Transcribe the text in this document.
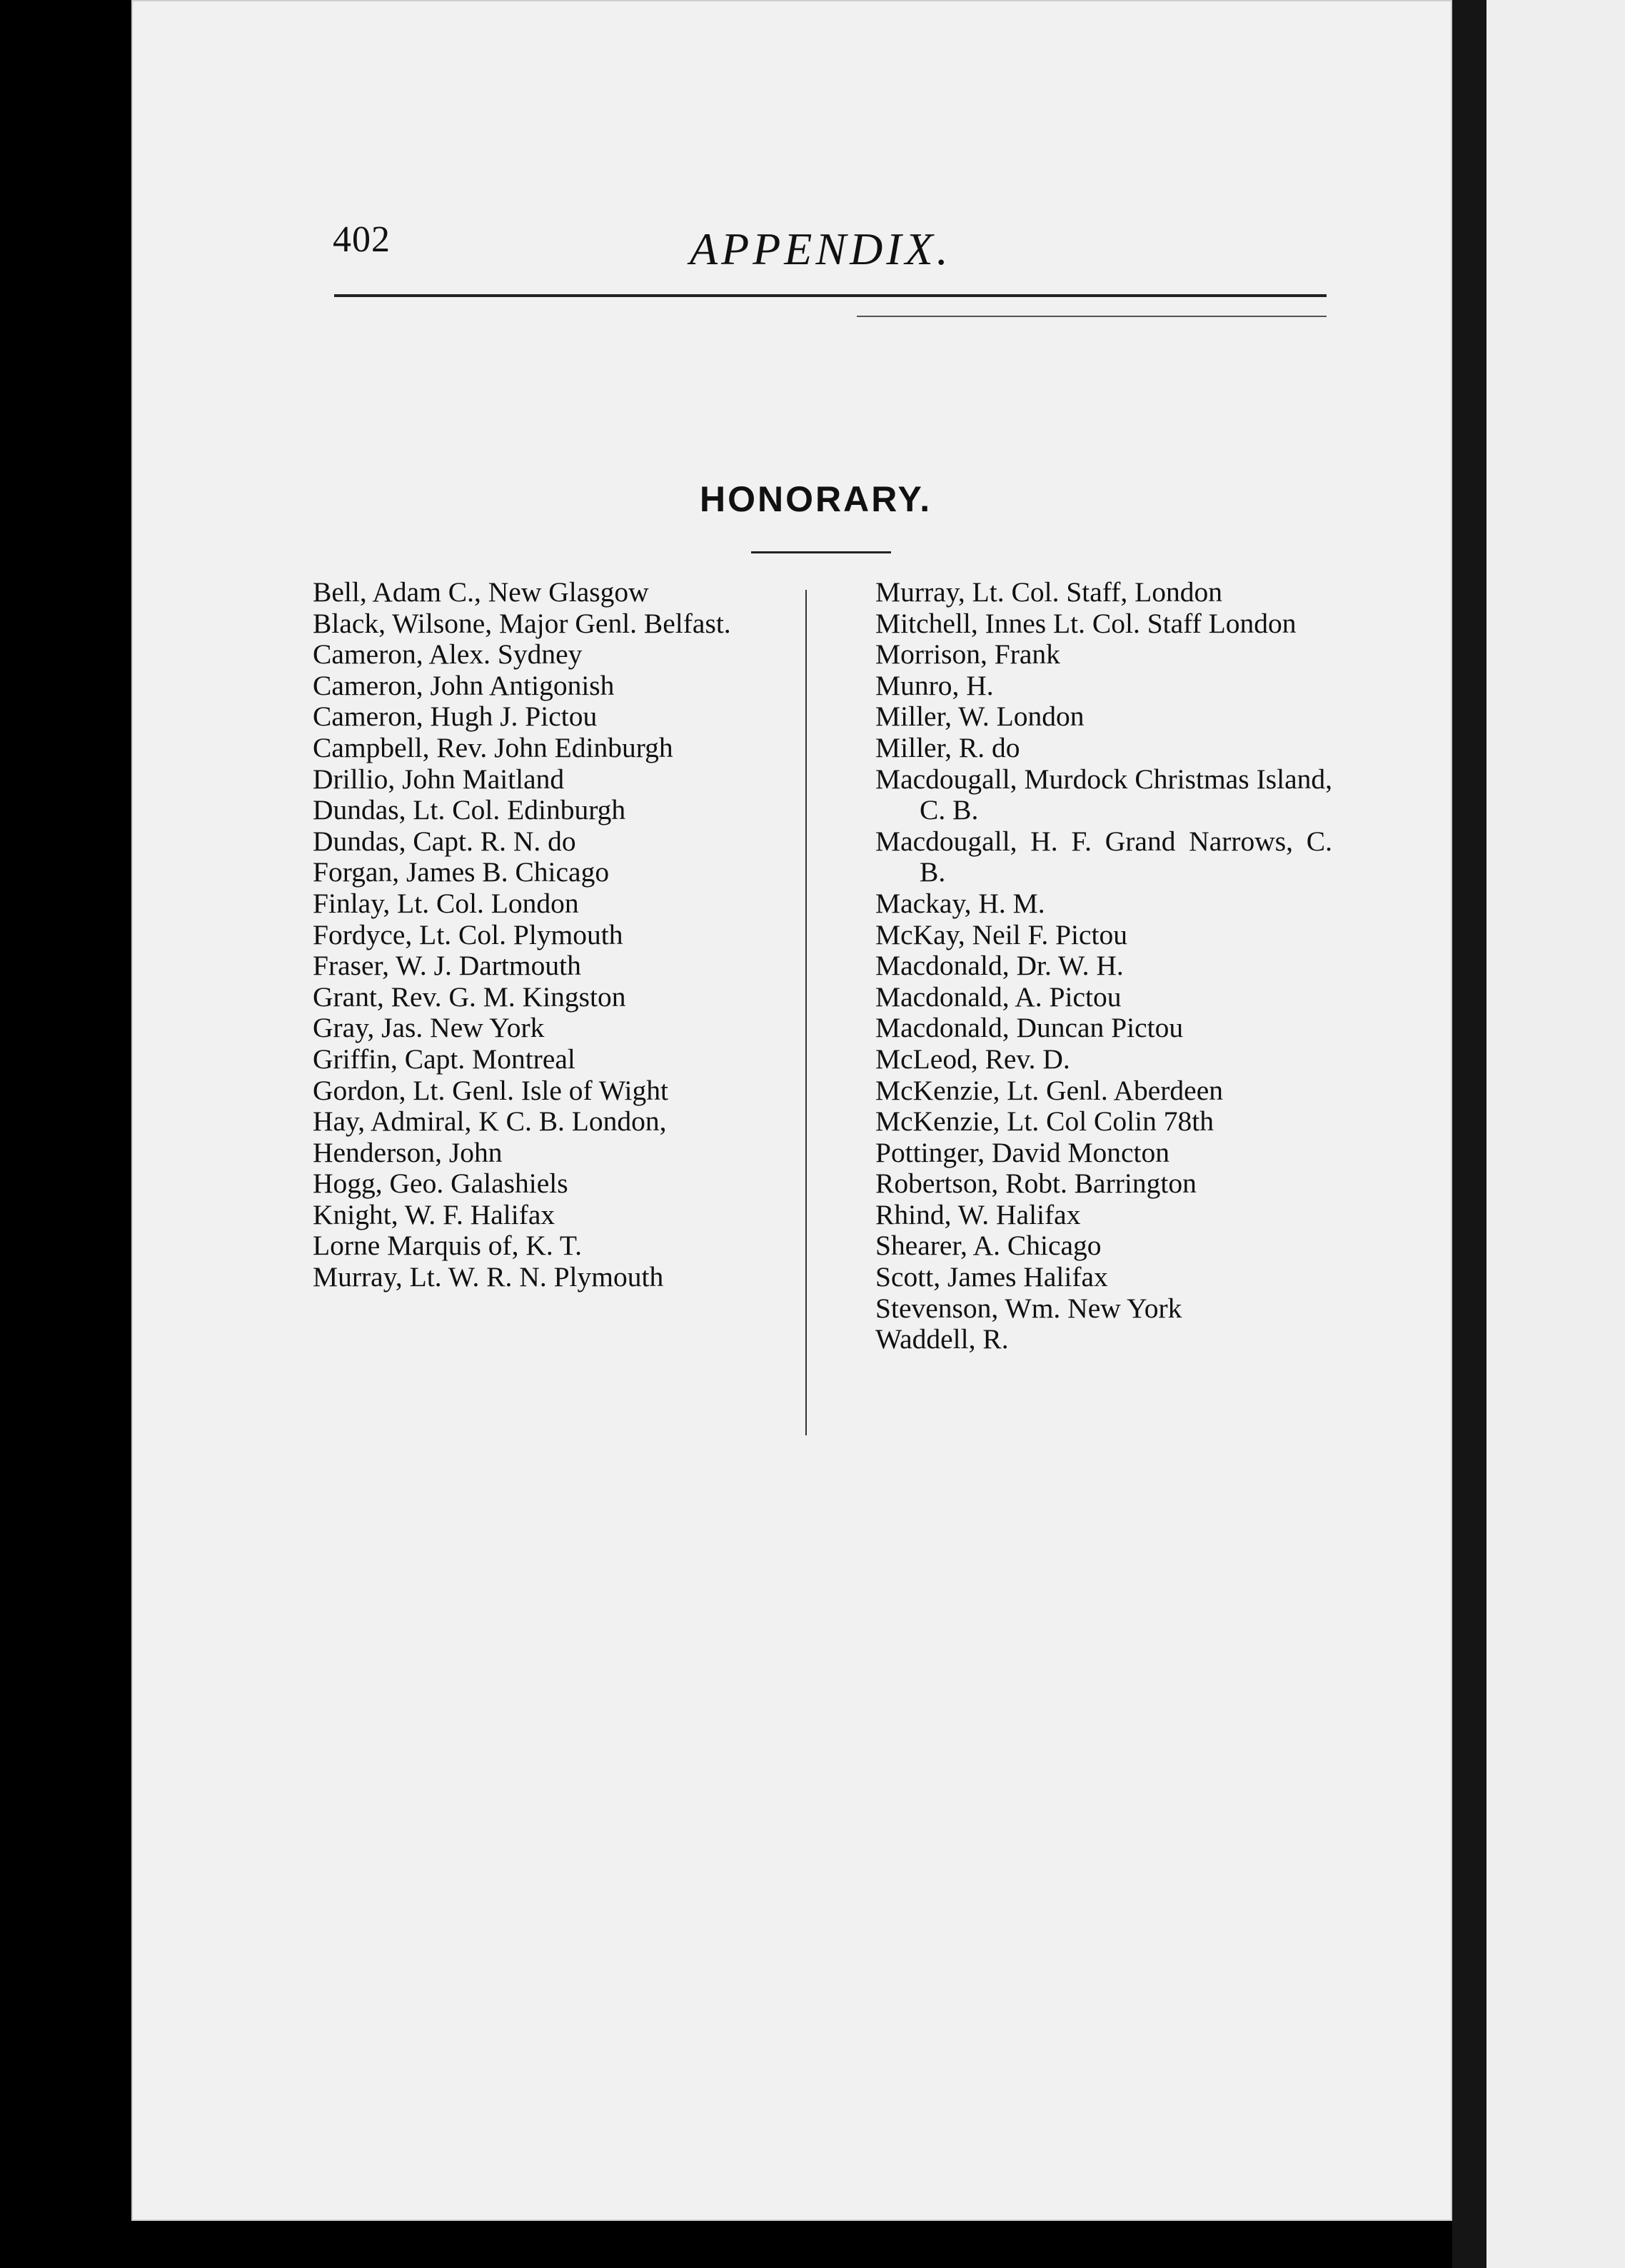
402	APPENDIX.
HONORARY.
Bell, Adam C., New Glasgow
Black, Wilsone, Major Genl. Belfast.
Cameron, Alex. Sydney
Cameron, John Antigonish
Cameron, Hugh J. Pictou
Campbell, Rev. John Edinburgh
Drillio, John Maitland
Dundas, Lt. Col. Edinburgh
Dundas, Capt. R. N. do
Forgan, James B. Chicago
Finlay, Lt. Col. London
Fordyce, Lt. Col. Plymouth
Fraser, W. J. Dartmouth
Grant, Rev. G. M. Kingston
Gray, Jas. New York
Griffin, Capt. Montreal
Gordon, Lt. Genl. Isle of Wight
Hay, Admiral, K C. B. London,
Henderson, John
Hogg, Geo. Galashiels
Knight, W. F. Halifax
Lorne Marquis of, K. T.
Murray, Lt. W. R. N. Plymouth
Murray, Lt. Col. Staff, London
Mitchell, Innes Lt. Col. Staff London
Morrison, Frank
Munro, H.
Miller, W. London
Miller, R. do
Macdougall, Murdock Christmas Island, C. B.
Macdougall, H. F. Grand Narrows, C. B.
Mackay, H. M.
McKay, Neil F. Pictou
Macdonald, Dr. W. H.
Macdonald, A. Pictou
Macdonald, Duncan Pictou
McLeod, Rev. D.
McKenzie, Lt. Genl. Aberdeen
McKenzie, Lt. Col Colin 78th
Pottinger, David Moncton
Robertson, Robt. Barrington
Rhind, W. Halifax
Shearer, A. Chicago
Scott, James Halifax
Stevenson, Wm. New York
Waddell, R.
